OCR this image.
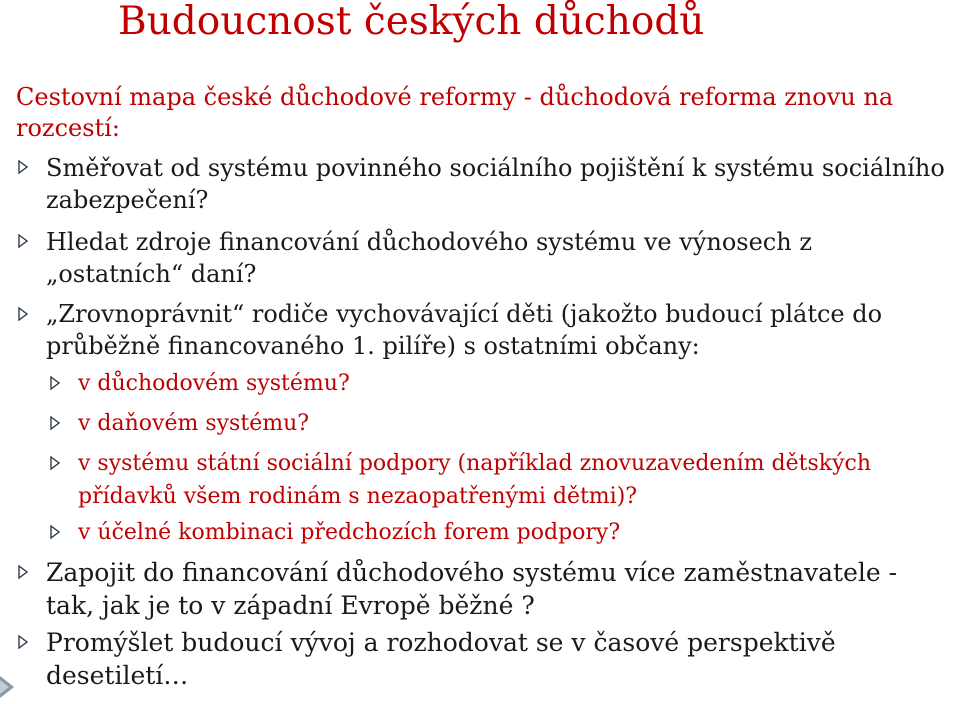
Budoucnost českých důchodů

Cestovní mapa české důchodové reformy - důchodová reforma znovu na rozcestí:

Směřovat od systému povinného sociálního pojištění k systému sociálního zabezpečení?
Hledat zdroje financování důchodového systému ve výnosech z „ostatních“ daní?
„Zrovnoprávnit“ rodiče vychovávající děti (jakožto budoucí plátce do průběžně financovaného 1. pilíře) s ostatními občany:
v důchodovém systému?
v daňovém systému?
v systému státní sociální podpory (například znovuzavedením dětských přídavků všem rodinám s nezaopatřenými dětmi)?
v účelné kombinaci předchozích forem podpory?
Zapojit do financování důchodového systému více zaměstnavatele - tak, jak je to v západní Evropě běžné ?
Promýšlet budoucí vývoj a rozhodovat se v časové perspektivě desetiletí…
